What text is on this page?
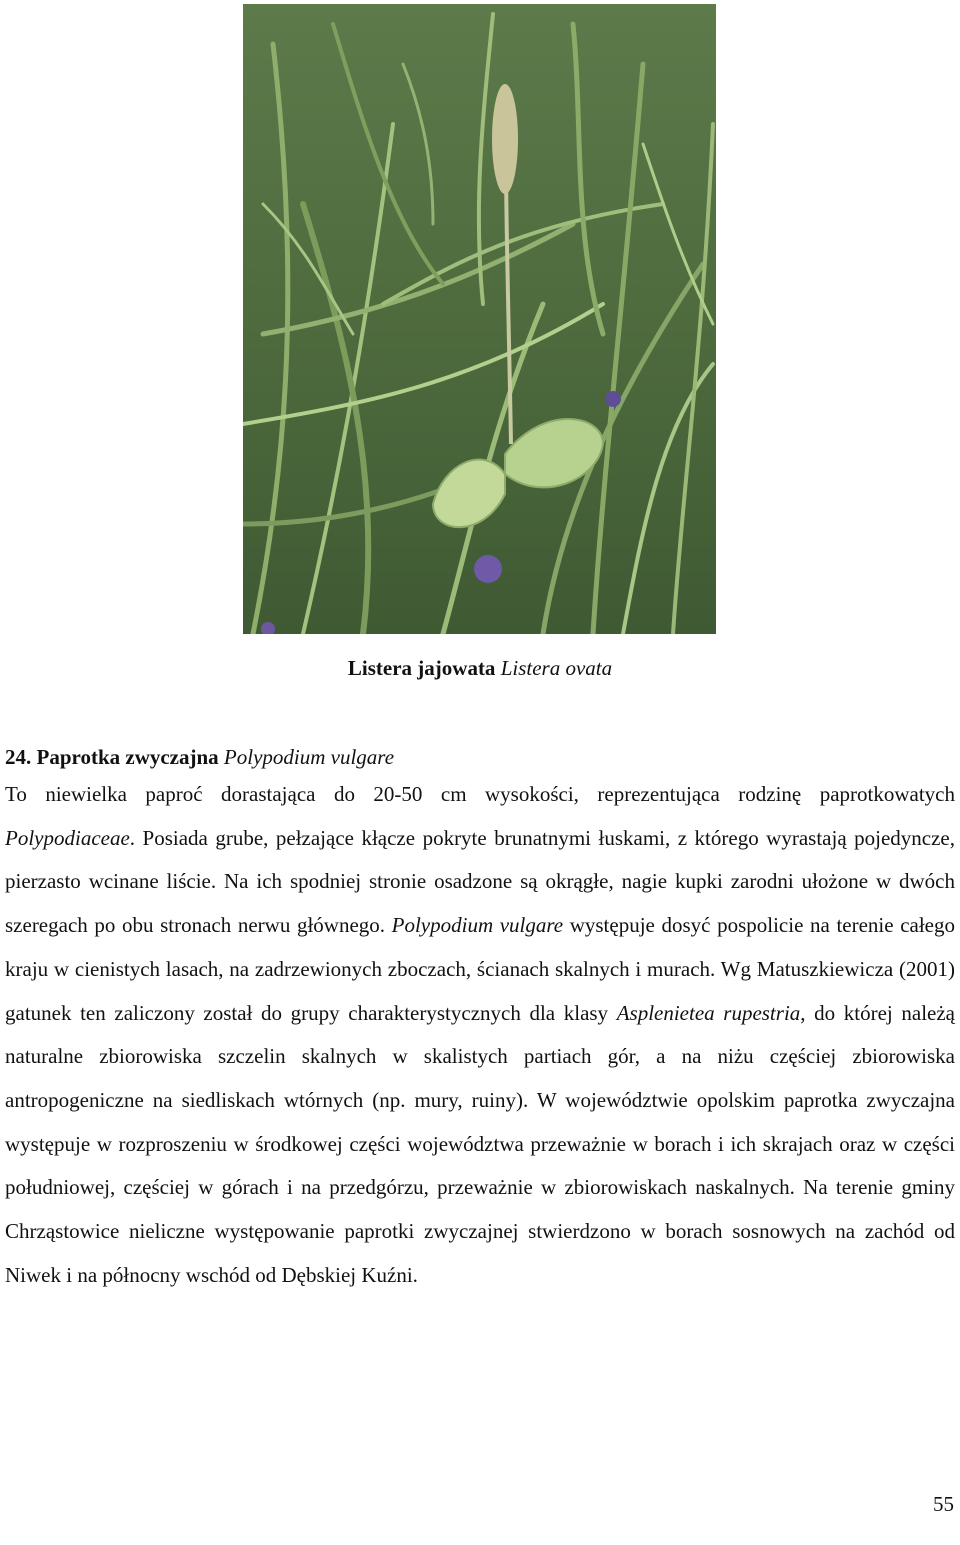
Listera jajowata Listera ovata
24. Paprotka zwyczajna Polypodium vulgare

To niewielka paproć dorastająca do 20-50 cm wysokości, reprezentująca rodzinę paprotkowatych Polypodiaceae. Posiada grube, pełzające kłącze pokryte brunatnymi łuskami, z którego wyrastają pojedyncze, pierzasto wcinane liście. Na ich spodniej stronie osadzone są okrągłe, nagie kupki zarodni ułożone w dwóch szeregach po obu stronach nerwu głównego. Polypodium vulgare występuje dosyć pospolicie na terenie całego kraju w cienistych lasach, na zadrzewionych zboczach, ścianach skalnych i murach. Wg Matuszkiewicza (2001) gatunek ten zaliczony został do grupy charakterystycznych dla klasy Asplenietea rupestria, do której należą naturalne zbiorowiska szczelin skalnych w skalistych partiach gór, a na niżu częściej zbiorowiska antropogeniczne na siedliskach wtórnych (np. mury, ruiny). W województwie opolskim paprotka zwyczajna występuje w rozproszeniu w środkowej części województwa przeważnie w borach i ich skrajach oraz w części południowej, częściej w górach i na przedgórzu, przeważnie w zbiorowiskach naskalnych. Na terenie gminy Chrząstowice nieliczne występowanie paprotki zwyczajnej stwierdzono w borach sosnowych na zachód od Niwek i na północny wschód od Dębskiej Kuźni.

55
